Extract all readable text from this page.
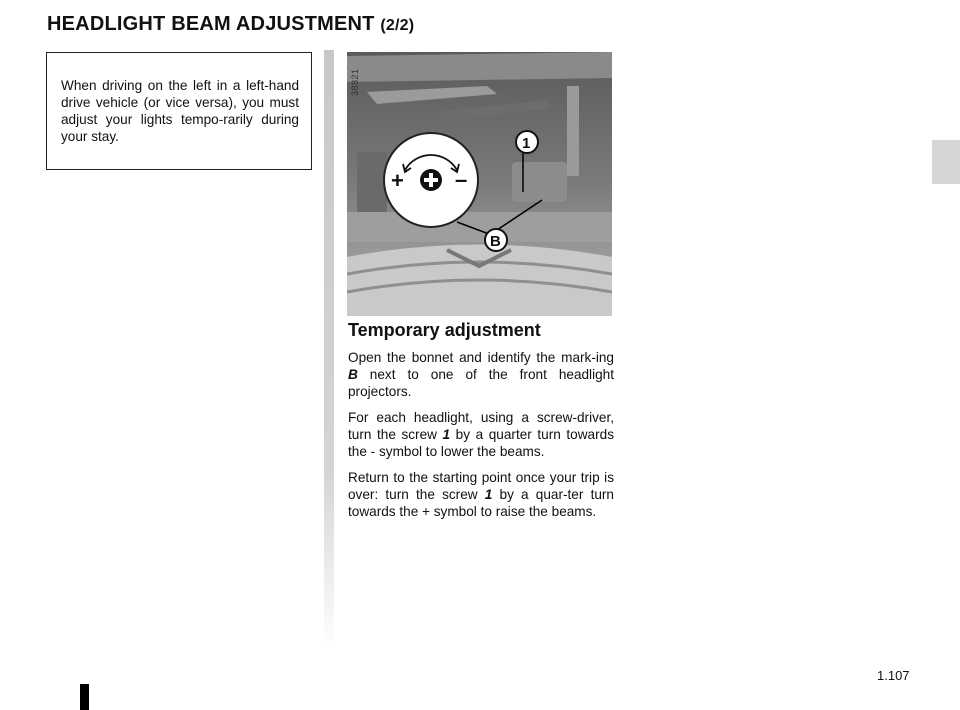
HEADLIGHT BEAM ADJUSTMENT (2/2)
When driving on the left in a left-hand drive vehicle (or vice versa), you must adjust your lights tempo-rarily during your stay.
+ –
1
B
38821
Temporary adjustment

Open the bonnet and identify the mark-ing B next to one of the front headlight projectors.

For each headlight, using a screw-driver, turn the screw 1 by a quarter turn towards the - symbol to lower the beams.

Return to the starting point once your trip is over: turn the screw 1 by a quar-ter turn towards the + symbol to raise the beams.

1.107
